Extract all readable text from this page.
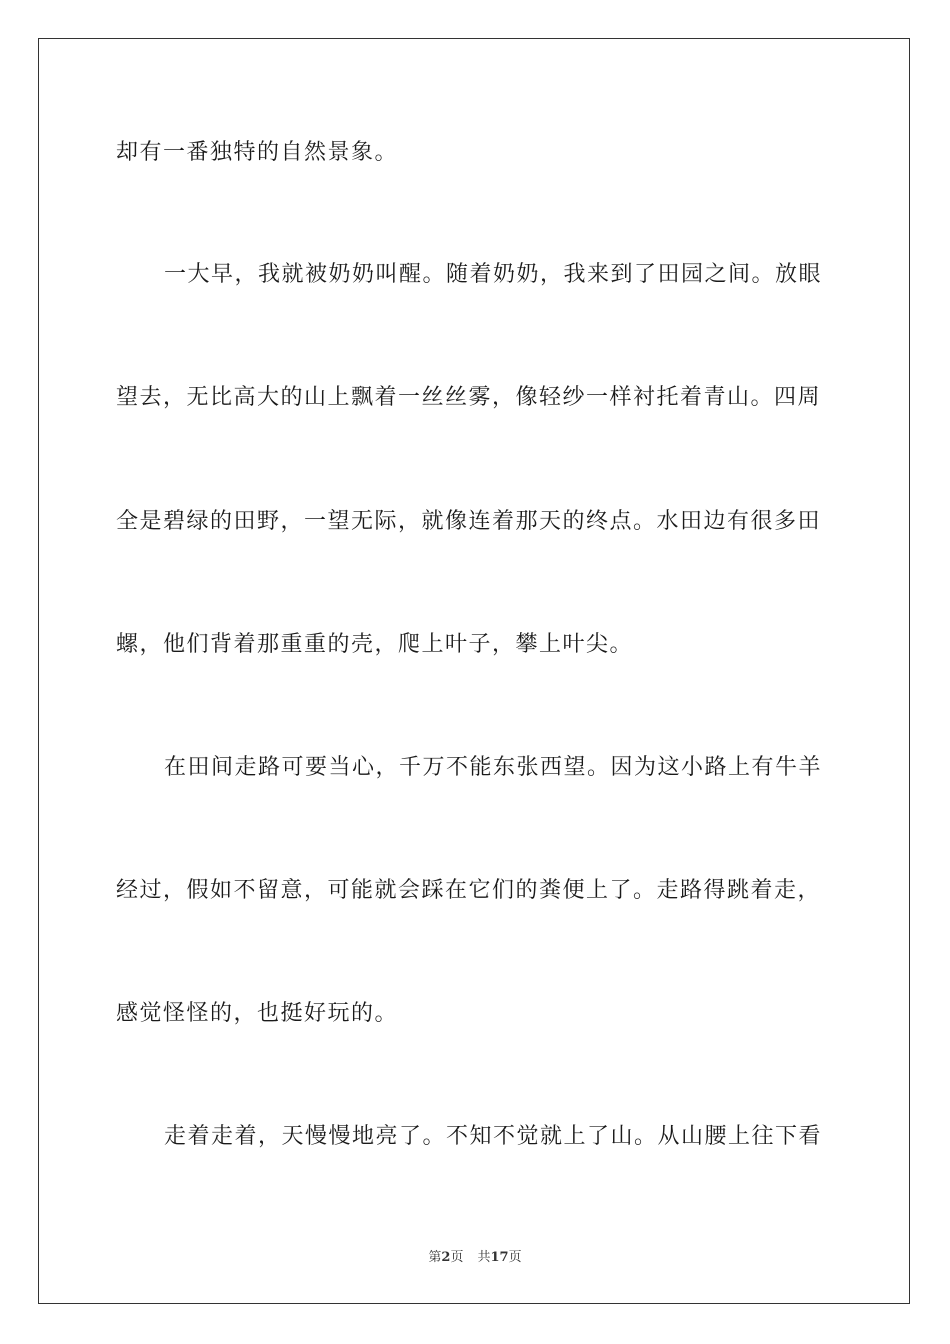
却有一番独特的自然景象。
一大早，我就被奶奶叫醒。随着奶奶，我来到了田园之间。放眼
望去，无比高大的山上飘着一丝丝雾，像轻纱一样衬托着青山。四周
全是碧绿的田野，一望无际，就像连着那天的终点。水田边有很多田
螺，他们背着那重重的壳，爬上叶子，攀上叶尖。
在田间走路可要当心，千万不能东张西望。因为这小路上有牛羊
经过，假如不留意，可能就会踩在它们的粪便上了。走路得跳着走，
感觉怪怪的，也挺好玩的。
走着走着，天慢慢地亮了。不知不觉就上了山。从山腰上往下看
第2页 共17页
